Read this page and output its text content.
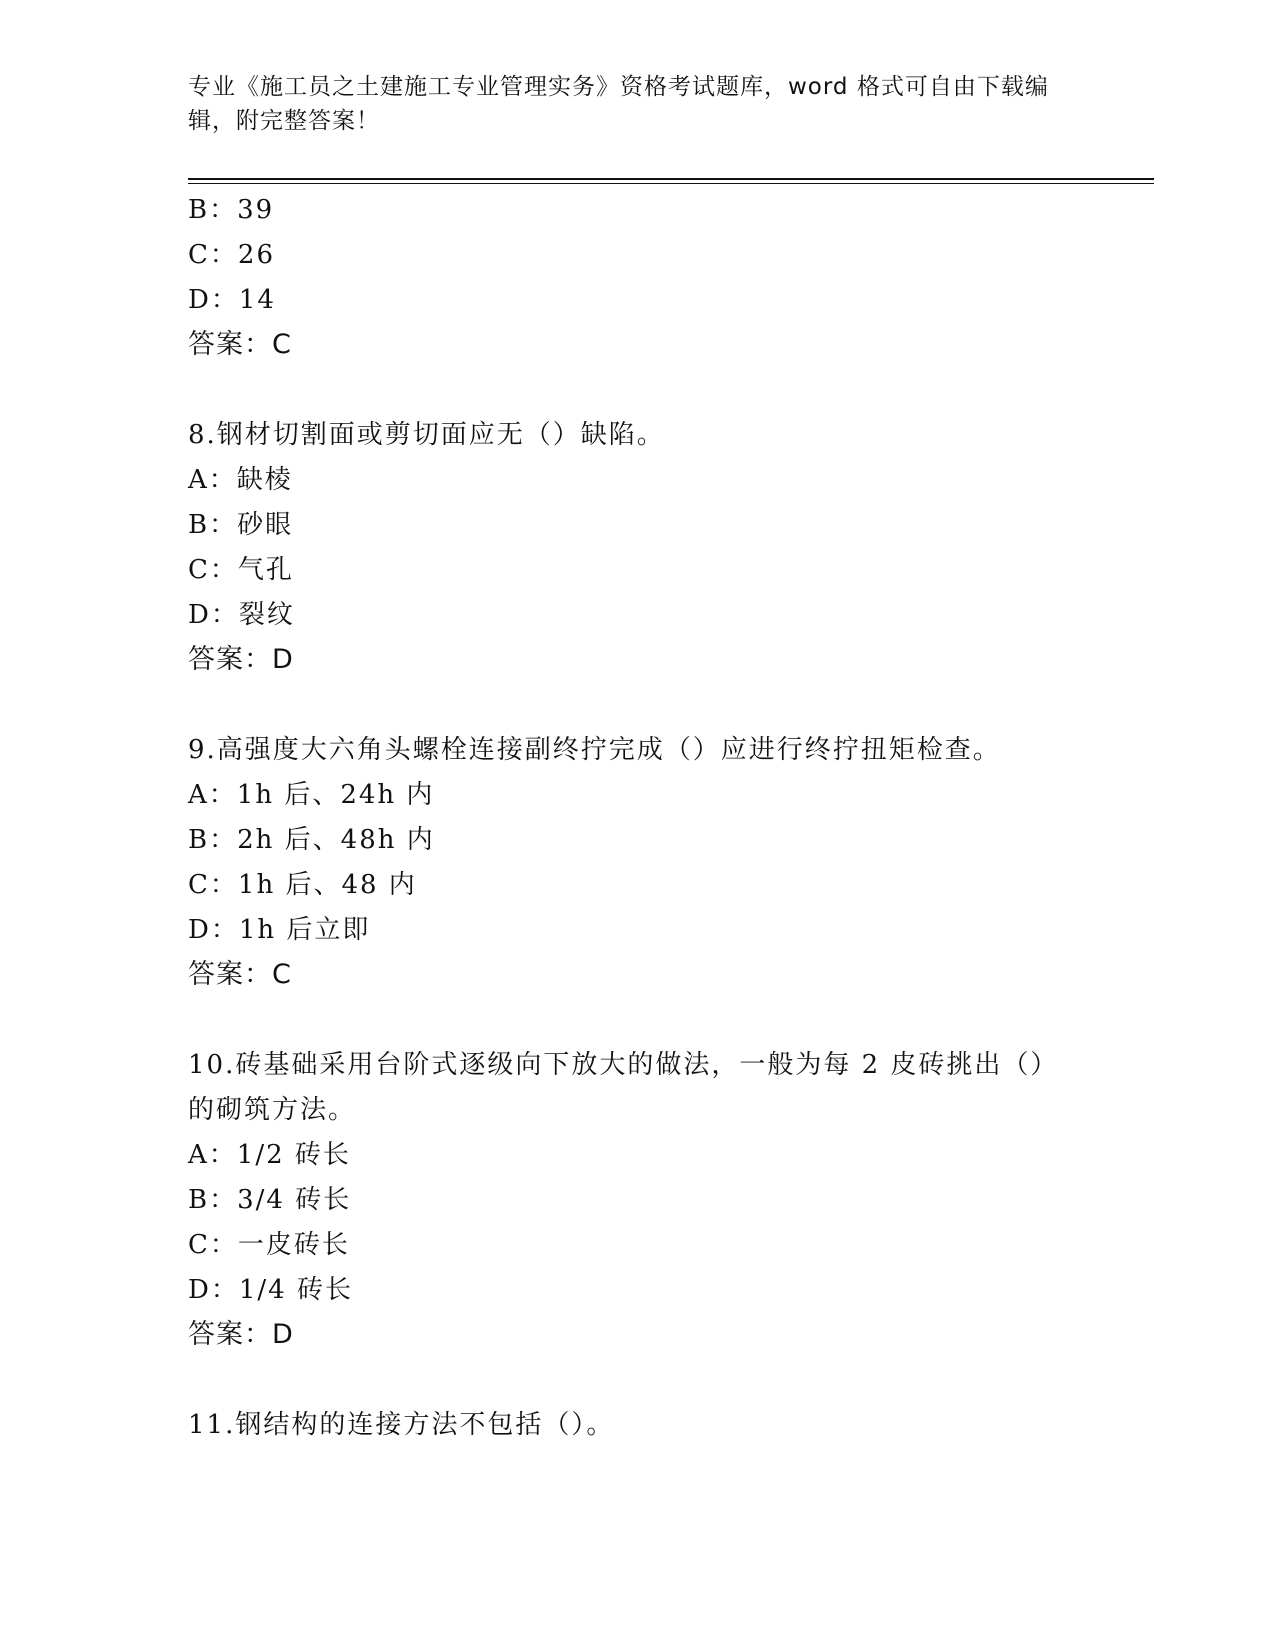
专业《施工员之土建施工专业管理实务》资格考试题库，word 格式可自由下载编
辑，附完整答案！
B：39
C：26
D：14
答案：C
8.钢材切割面或剪切面应无（）缺陷。
A：缺棱
B：砂眼
C：气孔
D：裂纹
答案：D
9.高强度大六角头螺栓连接副终拧完成（）应进行终拧扭矩检查。
A：1h 后、24h 内
B：2h 后、48h 内
C：1h 后、48 内
D：1h 后立即
答案：C
10.砖基础采用台阶式逐级向下放大的做法，一般为每 2 皮砖挑出（）
的砌筑方法。
A：1/2 砖长
B：3/4 砖长
C：一皮砖长
D：1/4 砖长
答案：D
11.钢结构的连接方法不包括（）。
